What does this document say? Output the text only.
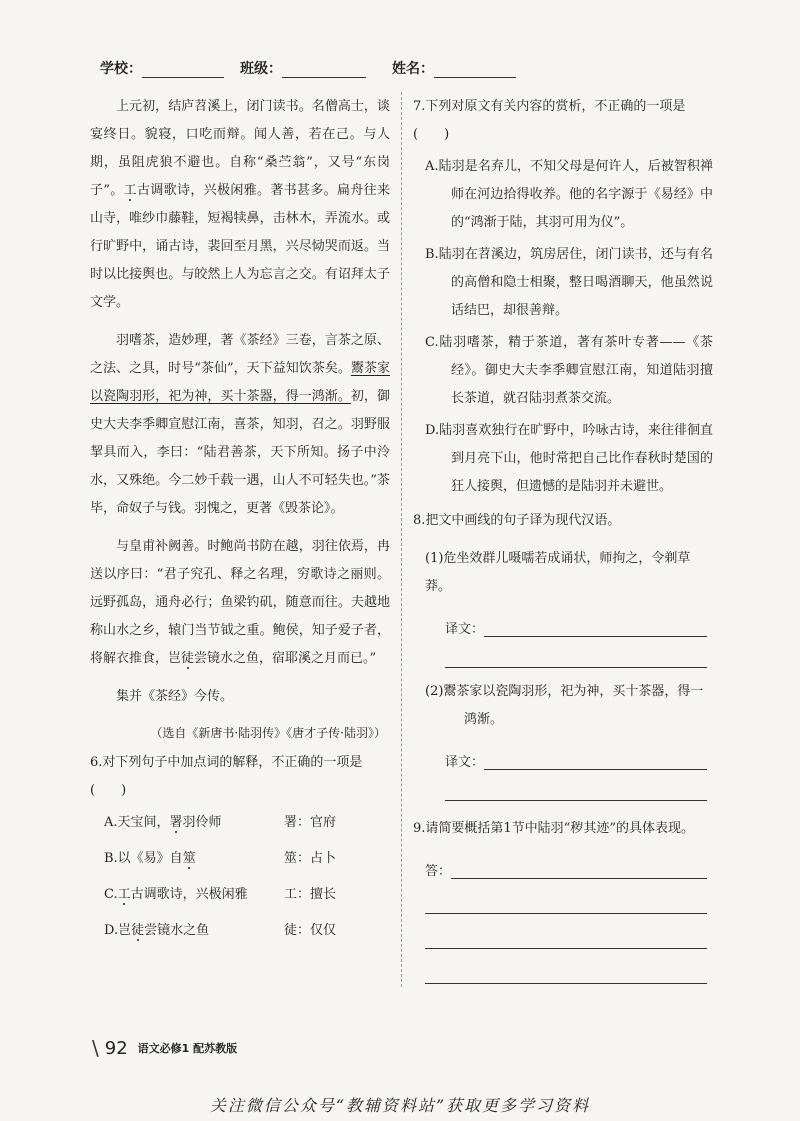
学校：	班级：	姓名：

上元初，结庐苕溪上，闭门读书。名僧高士，谈宴终日。貌寝，口吃而辩。闻人善，若在己。与人期，虽阻虎狼不避也。自称“桑苎翁”，又号“东岗子”。工古调歌诗，兴极闲雅。著书甚多。扁舟往来山寺，唯纱巾藤鞋，短褐犊鼻，击林木，弄流水。或行旷野中，诵古诗，裴回至月黑，兴尽恸哭而返。当时以比接舆也。与皎然上人为忘言之交。有诏拜太子文学。

羽嗜茶，造妙理，著《茶经》三卷，言茶之原、之法、之具，时号“茶仙”，天下益知饮茶矣。鬻茶家以瓷陶羽形，祀为神，买十茶器，得一鸿渐。初，御史大夫李季卿宣慰江南，喜茶，知羽，召之。羽野服挈具而入，李曰：“陆君善茶，天下所知。扬子中泠水，又殊绝。今二妙千载一遇，山人不可轻失也。”茶毕，命奴子与钱。羽愧之，更著《毁茶论》。

与皇甫补阙善。时鲍尚书防在越，羽往依焉，冉送以序曰：“君子究孔、释之名理，穷歌诗之丽则。远野孤岛，通舟必行；鱼梁钓矶，随意而往。夫越地称山水之乡，辕门当节钺之重。鲍侯，知子爱子者，将解衣推食，岂徒尝镜水之鱼，宿耶溪之月而已。”

集并《茶经》今传。

（选自《新唐书·陆羽传》《唐才子传·陆羽》）

6.对下列句子中加点词的解释，不正确的一项是　(　　)

A.天宝间，署羽伶师	署：官府
B.以《易》自筮	筮：占卜
C.工古调歌诗，兴极闲雅	工：擅长
D.岂徒尝镜水之鱼	徒：仅仅

7.下列对原文有关内容的赏析，不正确的一项是　(　　)

A.陆羽是名弃儿，不知父母是何许人，后被智积禅师在河边拾得收养。他的名字源于《易经》中的“鸿渐于陆，其羽可用为仪”。
B.陆羽在苕溪边，筑房居住，闭门读书，还与有名的高僧和隐士相聚，整日喝酒聊天，他虽然说话结巴，却很善辩。
C.陆羽嗜茶，精于茶道，著有茶叶专著——《茶经》。御史大夫李季卿宣慰江南，知道陆羽擅长茶道，就召陆羽煮茶交流。
D.陆羽喜欢独行在旷野中，吟咏古诗，来往徘徊直到月亮下山，他时常把自己比作春秋时楚国的狂人接舆，但遗憾的是陆羽并未避世。

8.把文中画线的句子译为现代汉语。

(1)危坐效群儿嗫嚅若成诵状，师拘之，令剃草莽。
译文：
(2)鬻茶家以瓷陶羽形，祀为神，买十茶器，得一鸿渐。
译文：

9.请简要概括第1节中陆羽“秽其迹”的具体表现。

答：
\ 92 语文必修1 配苏教版
关注微信公众号“教辅资料站”获取更多学习资料
